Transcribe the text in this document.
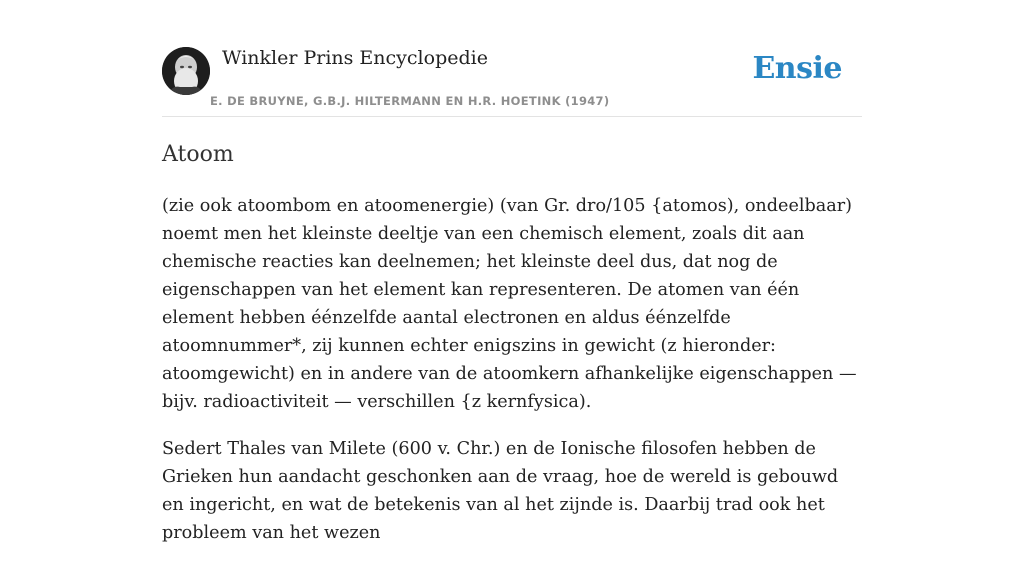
Winkler Prins Encyclopedie
E. DE BRUYNE, G.B.J. HILTERMANN EN H.R. HOETINK (1947)
Ensie
Atoom

(zie ook atoombom en atoomenergie) (van Gr. dro/105 {atomos), ondeelbaar) noemt men het kleinste deeltje van een chemisch element, zoals dit aan chemische reacties kan deelnemen; het kleinste deel dus, dat nog de eigenschappen van het element kan representeren. De atomen van één element hebben éénzelfde aantal electronen en aldus éénzelfde atoomnummer*, zij kunnen echter enigszins in gewicht (z hieronder: atoomgewicht) en in andere van de atoomkern afhankelijke eigenschappen — bijv. radioactiviteit — verschillen {z kernfysica).

Sedert Thales van Milete (600 v. Chr.) en de Ionische filosofen hebben de Grieken hun aandacht geschonken aan de vraag, hoe de wereld is gebouwd en ingericht, en wat de betekenis van al het zijnde is. Daarbij trad ook het probleem van het wezen
